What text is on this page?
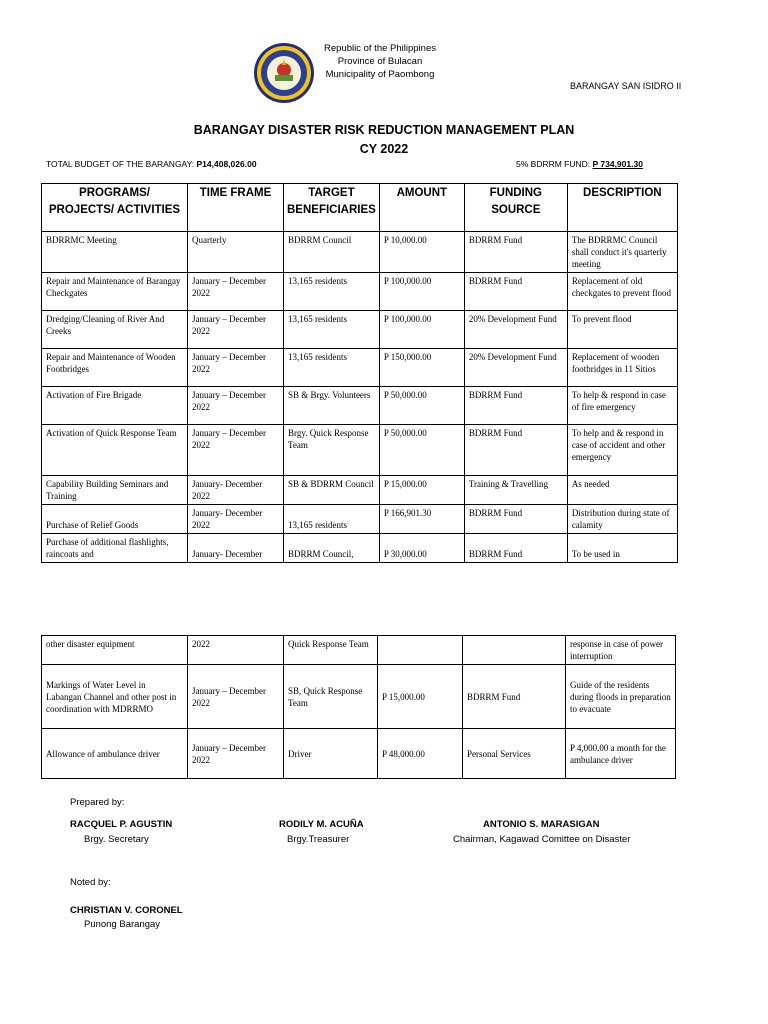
Republic of the Philippines
Province of Bulacan
Municipality of Paombong
BARANGAY SAN ISIDRO II
BARANGAY DISASTER RISK REDUCTION MANAGEMENT PLAN
CY 2022
TOTAL BUDGET OF THE BARANGAY: P14,408,026.00	5% BDRRM FUND: P 734,901.30
PROGRAMS/ PROJECTS/ ACTIVITIES	TIME FRAME	TARGET BENEFICIARIES	AMOUNT	FUNDING SOURCE	DESCRIPTION
BDRRMC Meeting	Quarterly	BDRRM Council	P 10,000.00	BDRRM Fund	The BDRRMC Council shall conduct it's quarterly meeting
Repair and Maintenance of Barangay Checkgates	January – December 2022	13,165 residents	P 100,000.00	BDRRM Fund	Replacement of old checkgates to prevent flood
Dredging/Cleaning of River And Creeks	January – December 2022	13,165 residents	P 100,000.00	20% Development Fund	To prevent flood
Repair and Maintenance of Wooden Footbridges	January – December 2022	13,165 residents	P 150,000.00	20% Development Fund	Replacement of wooden footbridges in 11 Sitios
Activation of Fire Brigade	January – December 2022	SB & Brgy. Volunteers	P 50,000.00	BDRRM Fund	To help & respond in case of fire emergency
Activation of Quick Response Team	January – December 2022	Brgy. Quick Response Team	P 50,000.00	BDRRM Fund	To help and & respond in case of accident and other emergency
Capability Building Seminars and Training	January- December 2022	SB & BDRRM Council	P 15,000.00	Training & Travelling	As needed
Purchase of Relief Goods	January- December 2022	13,165 residents	P 166,901.30	BDRRM Fund	Distribution during state of calamity
Purchase of additional flashlights, raincoats and	January- December	BDRRM Council,	P 30,000.00	BDRRM Fund	To be used in
other disaster equipment	2022	Quick Response Team			response in case of power interruption
Markings of Water Level in Labangan Channel and other post in coordination with MDRRMO	January – December 2022	SB, Quick Response Team	P 15,000.00	BDRRM Fund	Guide of the residents during floods in preparation to evacuate
Allowance of ambulance driver	January – December 2022	Driver	P 48,000.00	Personal Services	P 4,000.00 a month for the ambulance driver
Prepared by:
RACQUEL P. AGUSTIN
Brgy. Secretary
RODILY M. ACUÑA
Brgy.Treasurer
ANTONIO S. MARASIGAN
Chairman, Kagawad Comittee on Disaster
Noted by:
CHRISTIAN V. CORONEL
Punong Barangay
